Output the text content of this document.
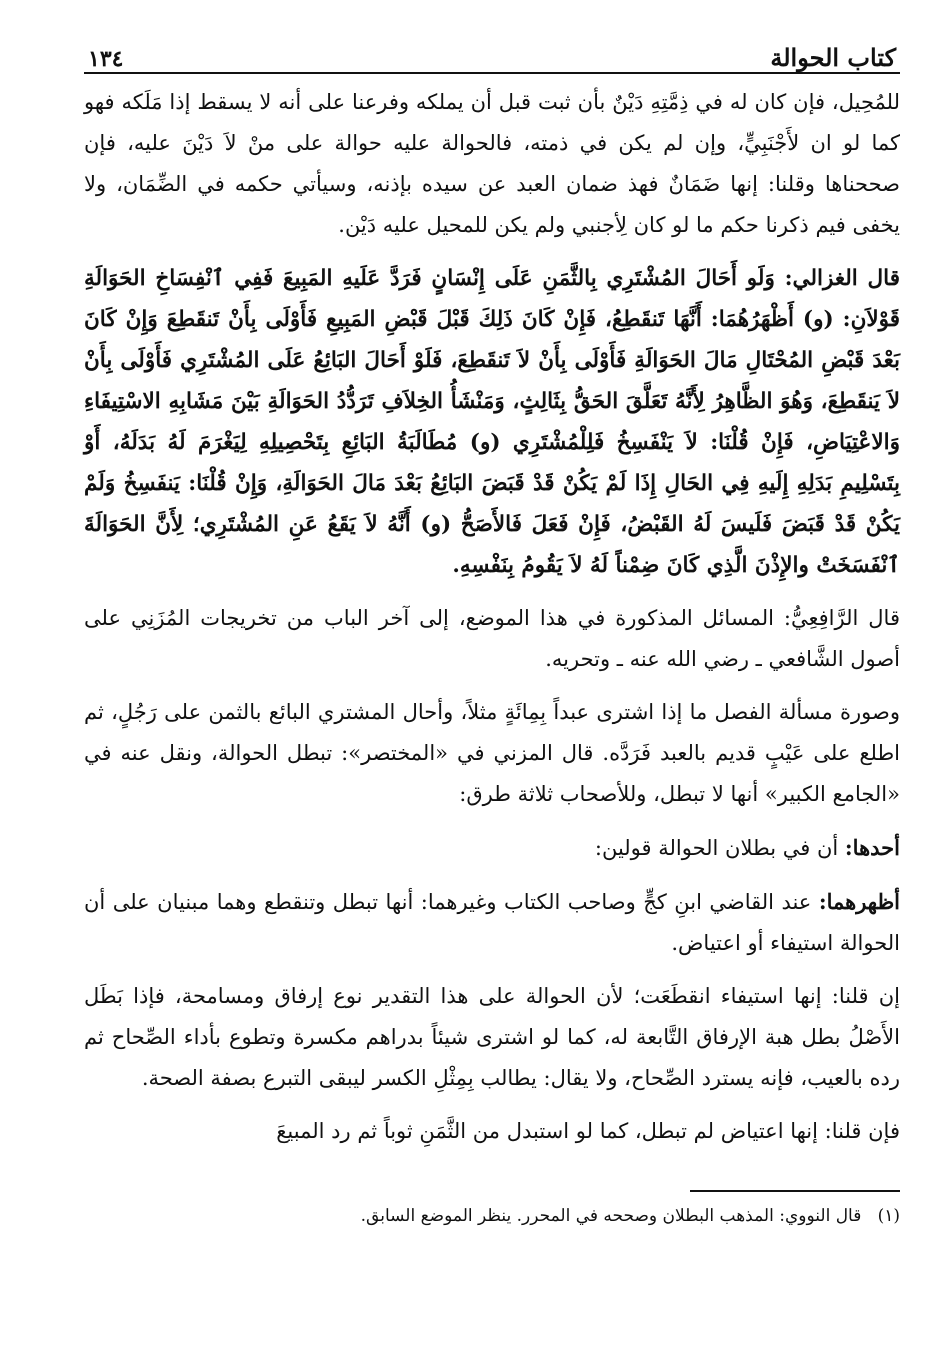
كتاب الحوالة
١٣٤

للمُحِيل، فإن كان له في ذِمَّتِهِ دَيْنٌ بأن ثبت قبل أن يملكه وفرعنا على أنه لا يسقط إذا مَلَكه فهو كما لو ان لأَجْنَبِيٍّ، وإن لم يكن في ذمته، فالحوالة عليه حوالة على منْ لاَ دَيْنَ عليه، فإن صححناها وقلنا: إنها ضَمَانٌ فهذ ضمان العبد عن سيده بإذنه، وسيأتي حكمه في الضِّمَان، ولا يخفى فيم ذكرنا حكم ما لو كان لِأجنبي ولم يكن للمحيل عليه دَيْن.

قال الغزالي: وَلَو أَحَالَ المُشْتَرِي بِالثَّمَنِ عَلَى إِنْسَانٍ فَرَدَّ عَلَيهِ المَبِيعَ فَفِي ٱنْفِسَاخِ الحَوَالَةِ قَوْلاَنِ: (و) أَظْهَرُهُمَا: أَنَّهَا تَنقَطِعُ، فَإِنْ كَانَ ذَلِكَ قَبْلَ قَبْضِ المَبِيعِ فَأَوْلَى بِأَنْ تَنقَطِعَ وَإِنْ كَانَ بَعْدَ قَبْضِ المُحْتَالِ مَالَ الحَوَالَةِ فَأَوْلَى بِأَنْ لاَ تَنقَطِعَ، فَلَوْ أَحَالَ البَائِعُ عَلَى المُشْتَرِي فَأَوْلَى بِأَنْ لاَ يَنقَطِعَ، وَهُوَ الظَّاهِرُ لِأَنَّهُ تَعَلَّقَ الحَقُّ بِثَالِثٍ، وَمَنْشَأُ الخِلاَفِ تَرَدُّدُ الحَوَالَةِ بَيْنَ مَشَابِهِ الاسْتِيفَاءِ وَالاعْتِيَاضِ، فَإِنْ قُلْنَا: لاَ يَنْفَسِخُ فَلِلْمُشْتَرِي (و) مُطَالَبَةُ البَائِعِ بِتَحْصِيلِهِ لِيَغْرَمَ لَهُ بَدَلَهُ، أَوْ بِتَسْلِيمِ بَدَلِهِ إِلَيهِ فِي الحَالِ إِذَا لَمْ يَكُنْ قَدْ قَبَضَ البَائِعُ بَعْدَ مَالَ الحَوَالَةِ، وَإِنْ قُلْنَا: يَنفَسِخُ وَلَمْ يَكُنْ قَدْ قَبَضَ فَلَيسَ لَهُ القَبْضُ، فَإِنْ فَعَلَ فَالأَصَحُّ (و) أَنَّهُ لاَ يَقَعُ عَنِ المُشْتَرِي؛ لِأَنَّ الحَوَالَةَ ٱنْفَسَخَتْ والإِذْنَ الَّذِي كَانَ ضِمْناً لَهُ لاَ يَقُومُ بِنَفْسِهِ.

قال الرَّافِعِيُّ: المسائل المذكورة في هذا الموضع، إلى آخر الباب من تخريجات المُزَنِي على أصول الشَّافعي ـ رضي الله عنه ـ وتحريه.

وصورة مسألة الفصل ما إذا اشترى عبداً بِمِائَةٍ مثلاً، وأحال المشتري البائع بالثمن على رَجُلٍ، ثم اطلع على عَيْبٍ قديم بالعبد فَرَدَّه. قال المزني في «المختصر»: تبطل الحوالة، ونقل عنه في «الجامع الكبير» أنها لا تبطل، وللأصحاب ثلاثة طرق:

أحدها: أن في بطلان الحوالة قولين:

أظهرهما: عند القاضي ابنِ كجٍّ وصاحب الكتاب وغيرهما: أنها تبطل وتنقطع وهما مبنيان على أن الحوالة استيفاء أو اعتياض.

إن قلنا: إنها استيفاء انقطَعَت؛ لأن الحوالة على هذا التقدير نوع إرفاق ومسامحة، فإذا بَطَل الأَصْلُ بطل هبة الإرفاق التَّابعة له، كما لو اشترى شيئاً بدراهم مكسرة وتطوع بأداء الصِّحاح ثم رده بالعيب، فإنه يسترد الصِّحاح، ولا يقال: يطالب بِمِثْلِ الكسر ليبقى التبرع بصفة الصحة.

فإن قلنا: إنها اعتياض لم تبطل، كما لو استبدل من الثَّمَنِ ثوباً ثم رد المبيعَ

(١)   قال النووي: المذهب البطلان وصححه في المحرر. ينظر الموضع السابق.
